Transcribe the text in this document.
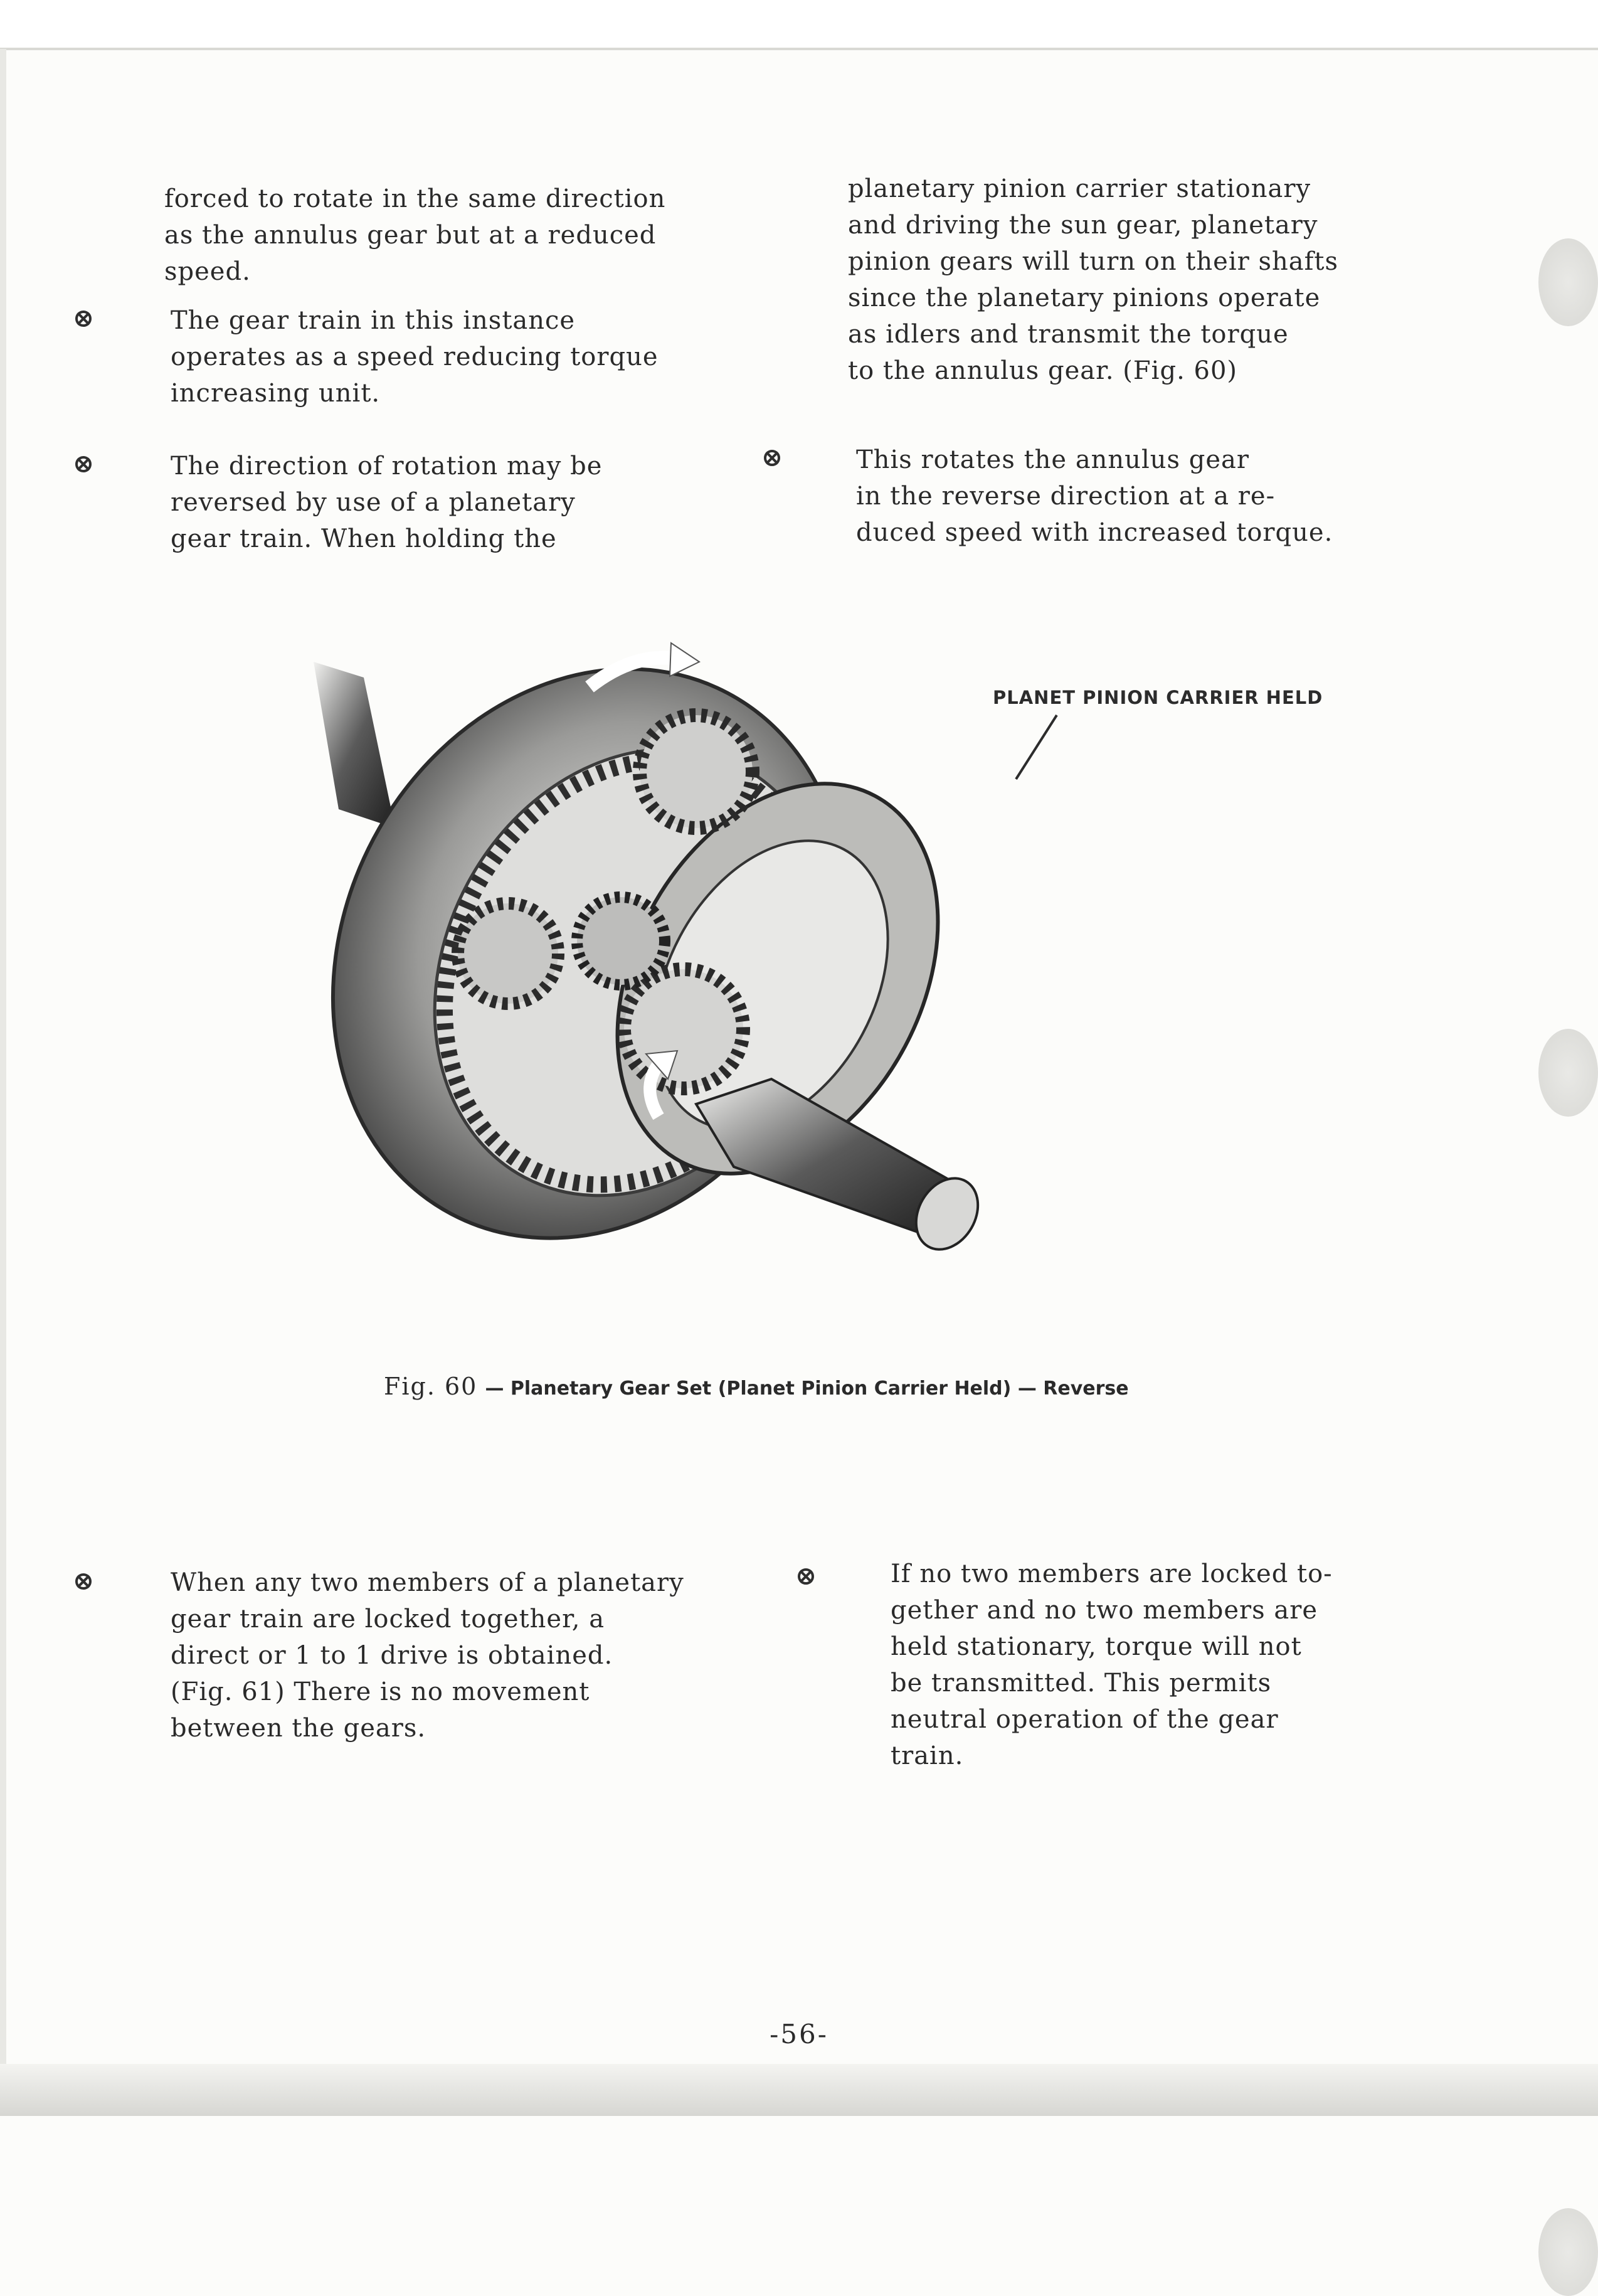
forced to rotate in the same direction

as the annulus gear but at a reduced

speed.

The gear train in this instance

operates as a speed reducing torque

increasing unit.

The direction of rotation may be

reversed by use of a planetary

gear train. When holding the

planetary pinion carrier stationary

and driving the sun gear, planetary

pinion gears will turn on their shafts

since the planetary pinions operate

as idlers and transmit the torque

to the annulus gear. (Fig. 60)

This rotates the annulus gear

in the reverse direction at a re-

duced speed with increased torque.

PLANET PINION CARRIER HELD
Fig. 60 — Planetary Gear Set (Planet Pinion Carrier Held) — Reverse

When any two members of a planetary

gear train are locked together, a

direct or 1 to 1 drive is obtained.

(Fig. 61) There is no movement

between the gears.

If no two members are locked to-

gether and no two members are

held stationary, torque will not

be transmitted. This permits

neutral operation of the gear

train.

-56-
